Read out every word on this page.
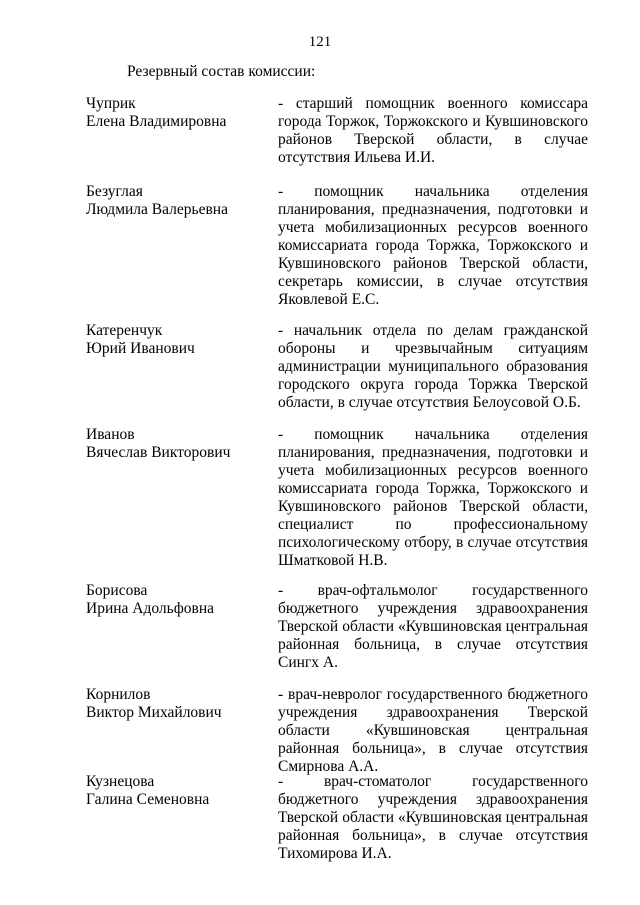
121
Резервный состав комиссии:
Чуприк
Елена Владимировна
- старший помощник военного комиссара города Торжок, Торжокского и Кувшиновского районов Тверской области, в случае отсутствия Ильева И.И.
Безуглая
Людмила Валерьевна
- помощник начальника отделения планирования, предназначения, подготовки и учета мобилизационных ресурсов военного комиссариата города Торжка, Торжокского и Кувшиновского районов Тверской области, секретарь комиссии, в случае отсутствия Яковлевой Е.С.
Катеренчук
Юрий Иванович
- начальник отдела по делам гражданской обороны и чрезвычайным ситуациям администрации муниципального образования городского округа города Торжка Тверской области, в случае отсутствия Белоусовой О.Б.
Иванов
Вячеслав Викторович
- помощник начальника отделения планирования, предназначения, подготовки и учета мобилизационных ресурсов военного комиссариата города Торжка, Торжокского и Кувшиновского районов Тверской области, специалист по профессиональному психологическому отбору, в случае отсутствия Шматковой Н.В.
Борисова
Ирина Адольфовна
- врач-офтальмолог государственного бюджетного учреждения здравоохранения Тверской области «Кувшиновская центральная районная больница, в случае отсутствия Сингх А.
Корнилов
Виктор Михайлович
- врач-невролог государственного бюджетного учреждения здравоохранения Тверской области «Кувшиновская центральная районная больница», в случае отсутствия Смирнова А.А.
Кузнецова
Галина Семеновна
- врач-стоматолог государственного бюджетного учреждения здравоохранения Тверской области «Кувшиновская центральная районная больница», в случае отсутствия Тихомирова И.А.
